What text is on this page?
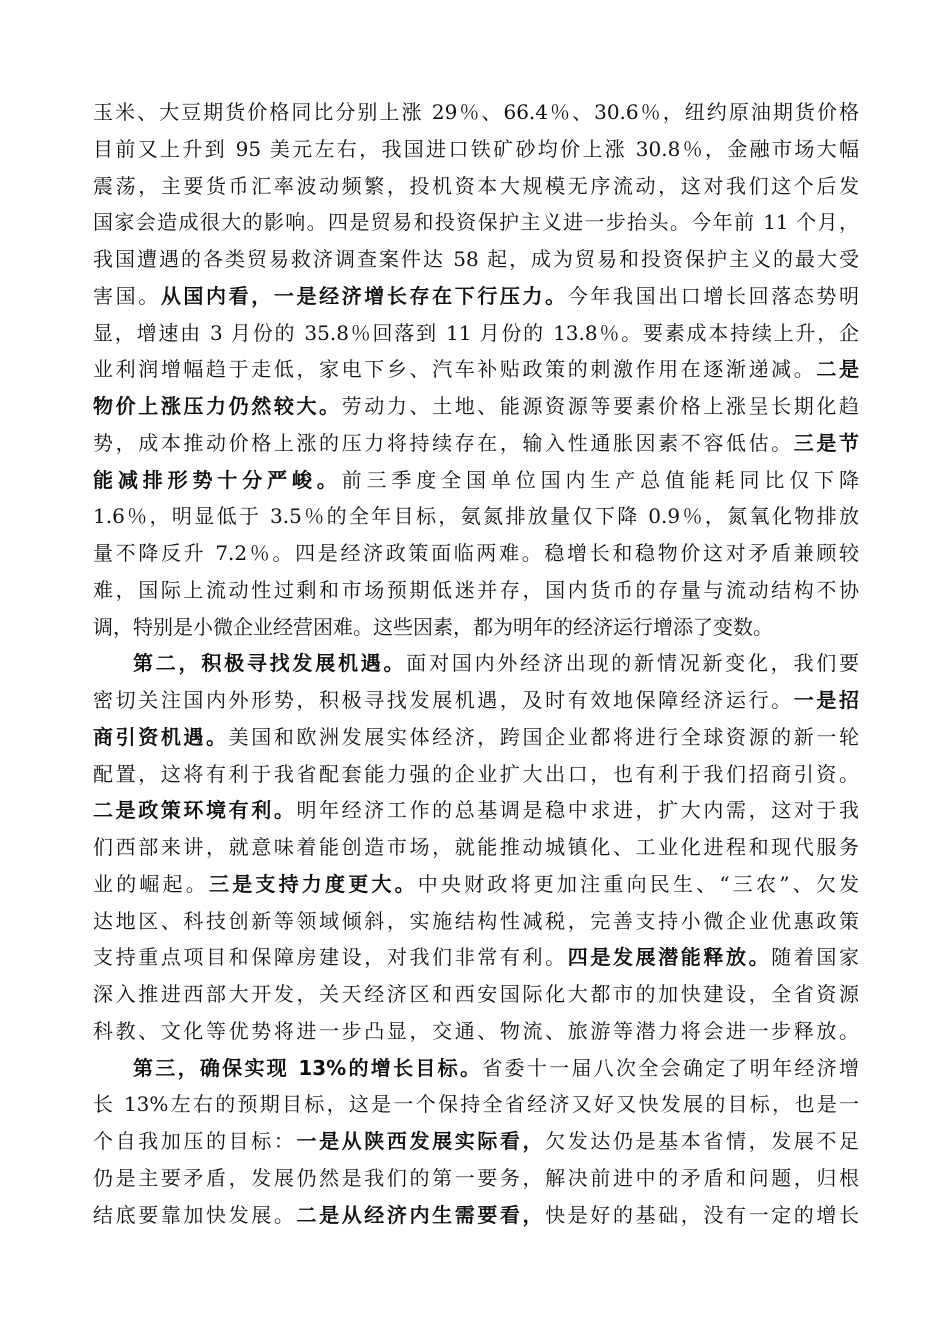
玉米、大豆期货价格同比分别上涨 29％、66.4％、30.6％，纽约原油期货价格
目前又上升到 95 美元左右，我国进口铁矿砂均价上涨 30.8％，金融市场大幅
震荡，主要货币汇率波动频繁，投机资本大规模无序流动，这对我们这个后发
国家会造成很大的影响。四是贸易和投资保护主义进一步抬头。今年前 11 个月，
我国遭遇的各类贸易救济调查案件达 58 起，成为贸易和投资保护主义的最大受
害国。从国内看，一是经济增长存在下行压力。今年我国出口增长回落态势明
显，增速由 3 月份的 35.8％回落到 11 月份的 13.8％。要素成本持续上升，企
业利润增幅趋于走低，家电下乡、汽车补贴政策的刺激作用在逐渐递减。二是
物价上涨压力仍然较大。劳动力、土地、能源资源等要素价格上涨呈长期化趋
势，成本推动价格上涨的压力将持续存在，输入性通胀因素不容低估。三是节
能减排形势十分严峻。前三季度全国单位国内生产总值能耗同比仅下降
1.6％，明显低于 3.5％的全年目标，氨氮排放量仅下降 0.9％，氮氧化物排放
量不降反升 7.2％。四是经济政策面临两难。稳增长和稳物价这对矛盾兼顾较
难，国际上流动性过剩和市场预期低迷并存，国内货币的存量与流动结构不协
调，特别是小微企业经营困难。这些因素，都为明年的经济运行增添了变数。
第二，积极寻找发展机遇。面对国内外经济出现的新情况新变化，我们要
密切关注国内外形势，积极寻找发展机遇，及时有效地保障经济运行。一是招
商引资机遇。美国和欧洲发展实体经济，跨国企业都将进行全球资源的新一轮
配置，这将有利于我省配套能力强的企业扩大出口，也有利于我们招商引资。
二是政策环境有利。明年经济工作的总基调是稳中求进，扩大内需，这对于我
们西部来讲，就意味着能创造市场，就能推动城镇化、工业化进程和现代服务
业的崛起。三是支持力度更大。中央财政将更加注重向民生、“三农”、欠发
达地区、科技创新等领域倾斜，实施结构性减税，完善支持小微企业优惠政策
支持重点项目和保障房建设，对我们非常有利。四是发展潜能释放。随着国家
深入推进西部大开发，关天经济区和西安国际化大都市的加快建设，全省资源
科教、文化等优势将进一步凸显，交通、物流、旅游等潜力将会进一步释放。
第三，确保实现 13%的增长目标。省委十一届八次全会确定了明年经济增
长 13%左右的预期目标，这是一个保持全省经济又好又快发展的目标，也是一
个自我加压的目标：一是从陕西发展实际看，欠发达仍是基本省情，发展不足
仍是主要矛盾，发展仍然是我们的第一要务，解决前进中的矛盾和问题，归根
结底要靠加快发展。二是从经济内生需要看，快是好的基础，没有一定的增长
